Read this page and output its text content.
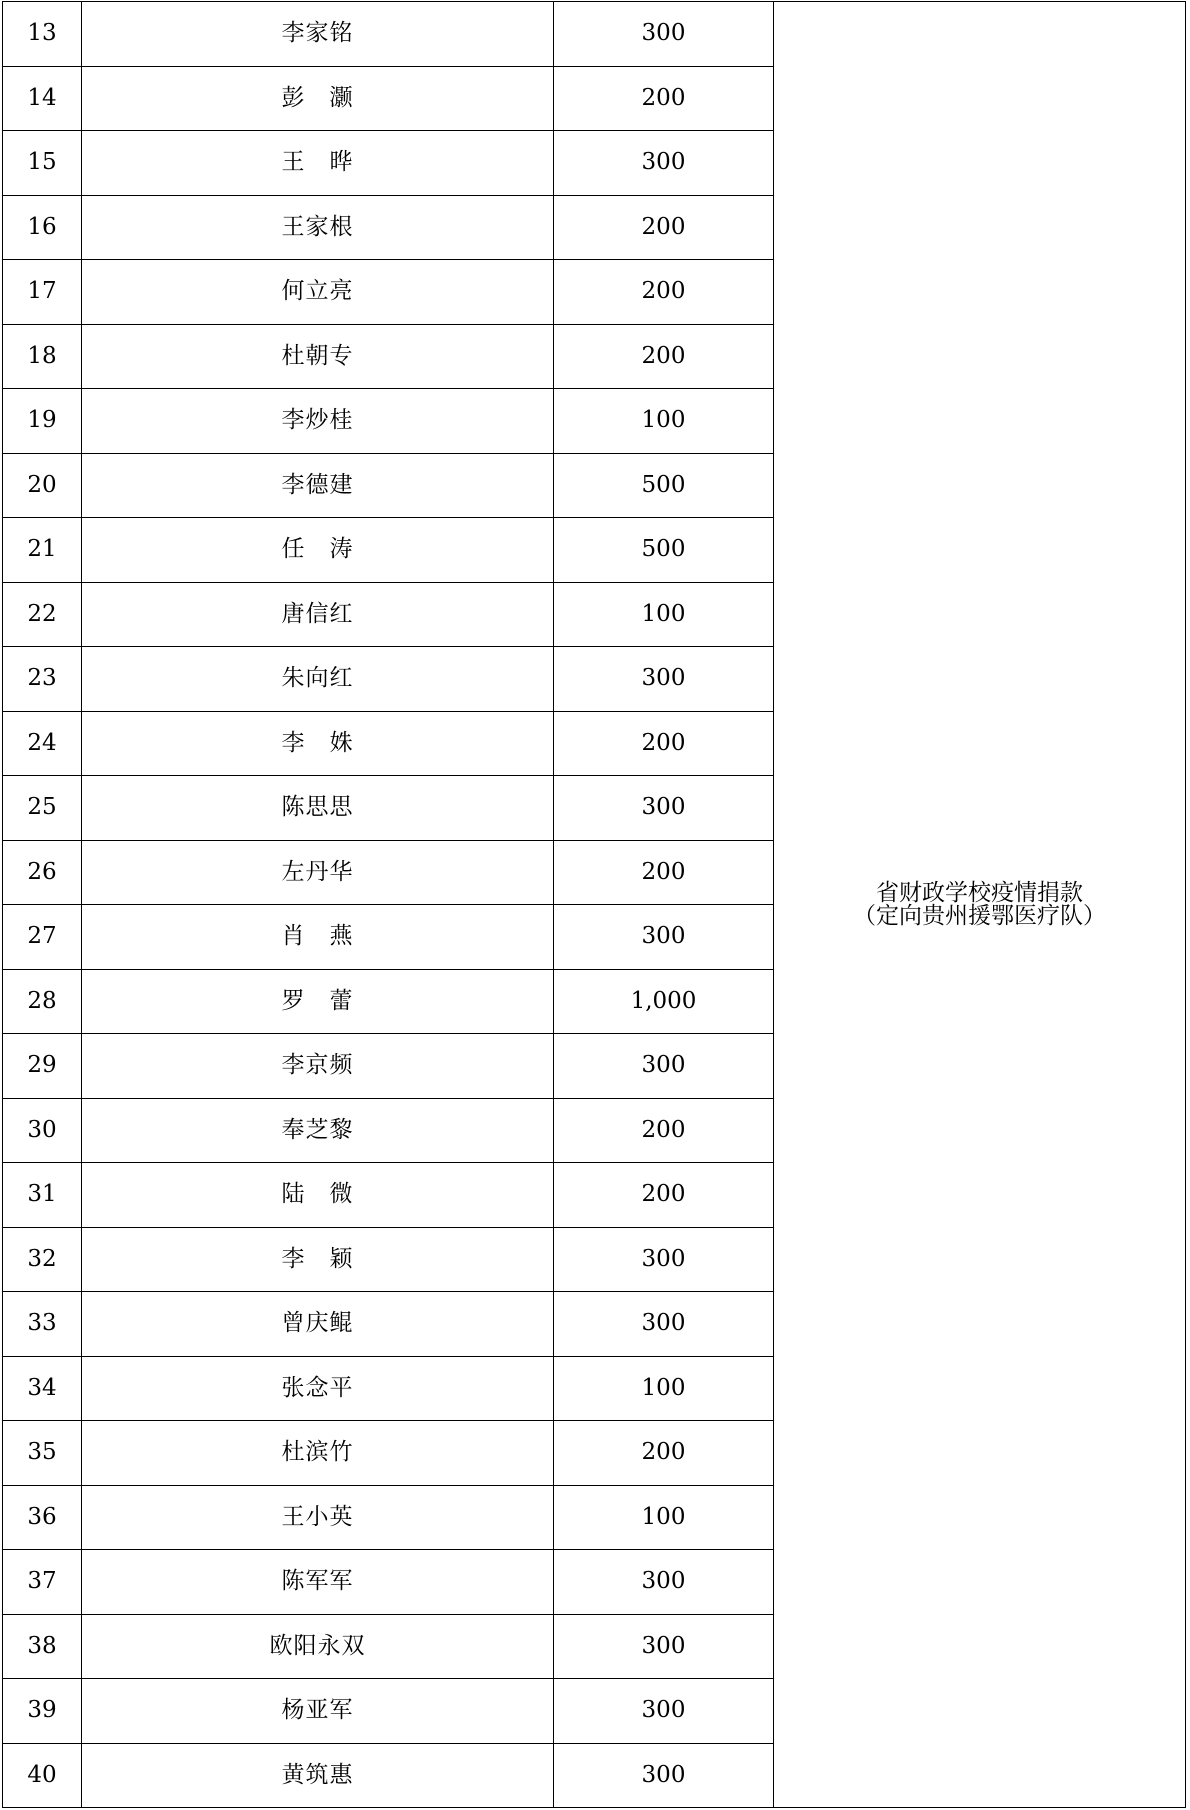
13	李家铭	300	省财政学校疫情捐款
（定向贵州援鄂医疗队）

14	彭　灏	200	
15	王　晔	300	
16	王家根	200	
17	何立亮	200	
18	杜朝专	200	
19	李炒桂	100	
20	李德建	500	
21	任　涛	500	
22	唐信红	100	
23	朱向红	300	
24	李　姝	200	
25	陈思思	300	
26	左丹华	200	
27	肖　燕	300	
28	罗　蕾	1,000	
29	李京频	300	
30	奉芝黎	200	
31	陆　微	200	
32	李　颖	300	
33	曾庆鲲	300	
34	张念平	100	
35	杜滨竹	200	
36	王小英	100	
37	陈军军	300	
38	欧阳永双	300	
39	杨亚军	300	
40	黄筑惠	300	
